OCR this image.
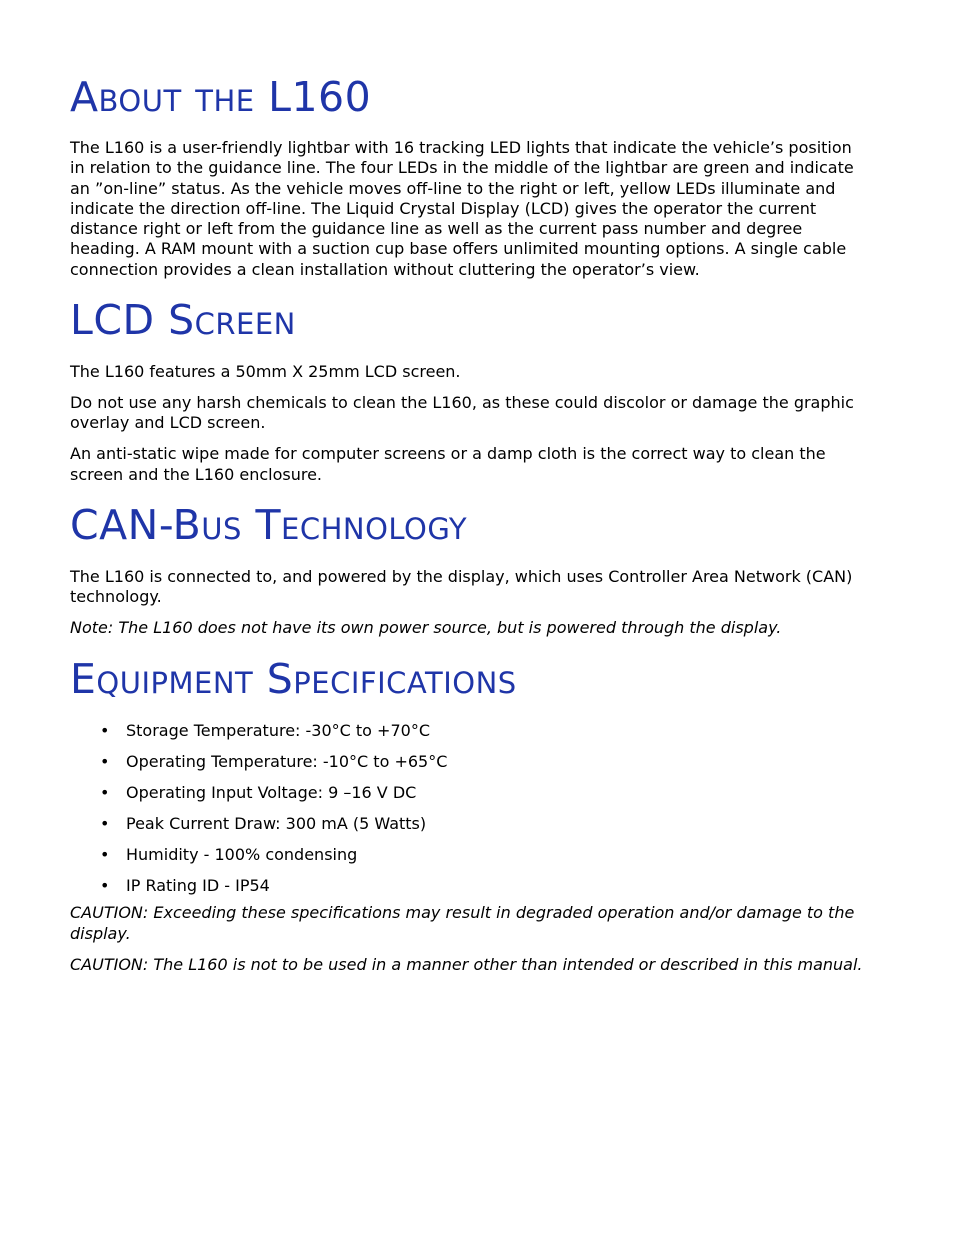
About the L160

The L160 is a user-friendly lightbar with 16 tracking LED lights that indicate the vehicle’s position in relation to the guidance line. The four LEDs in the middle of the lightbar are green and indicate an ”on-line” status. As the vehicle moves off-line to the right or left, yellow LEDs illuminate and indicate the direction off-line. The Liquid Crystal Display (LCD) gives the operator the current distance right or left from the guidance line as well as the current pass number and degree heading. A RAM mount with a suction cup base offers unlimited mounting options. A single cable connection provides a clean installation without cluttering the operator’s view.

LCD Screen

The L160 features a 50mm X 25mm LCD screen.

Do not use any harsh chemicals to clean the L160, as these could discolor or damage the graphic overlay and LCD screen.

An anti-static wipe made for computer screens or a damp cloth is the correct way to clean the screen and the L160 enclosure.

CAN-Bus Technology

The L160 is connected to, and powered by the display, which uses Controller Area Network (CAN) technology.

Note: The L160 does not have its own power source, but is powered through the display.

Equipment Specifications
• Storage Temperature: -30°C to +70°C
• Operating Temperature: -10°C to +65°C
• Operating Input Voltage: 9 –16 V DC
• Peak Current Draw: 300 mA (5 Watts)
• Humidity - 100% condensing
• IP Rating ID - IP54

CAUTION: Exceeding these specifications may result in degraded operation and/or damage to the display.

CAUTION: The L160 is not to be used in a manner other than intended or described in this manual.
